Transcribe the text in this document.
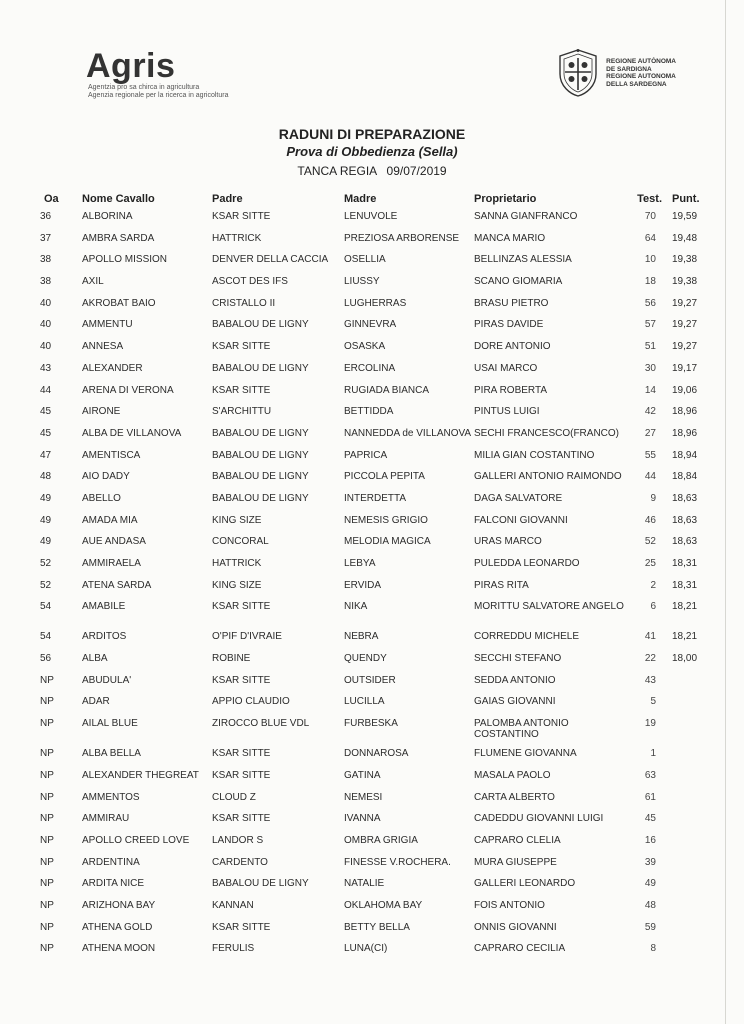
Agris
Agentzia pro sa chirca in agricultura
Agenzia regionale per la ricerca in agricoltura
REGIONE AUTÒNOMA
DE SARDIGNA
REGIONE AUTONOMA
DELLA SARDEGNA
RADUNI DI PREPARAZIONE
Prova di Obbedienza (Sella)
TANCA REGIA 09/07/2019
Oa	Nome Cavallo	Padre	Madre	Proprietario	Test.	Punt.
36	ALBORINA	KSAR SITTE	LENUVOLE	SANNA GIANFRANCO	70	19,59
37	AMBRA SARDA	HATTRICK	PREZIOSA ARBORENSE	MANCA MARIO	64	19,48
38	APOLLO MISSION	DENVER DELLA CACCIA	OSELLIA	BELLINZAS ALESSIA	10	19,38
38	AXIL	ASCOT DES IFS	LIUSSY	SCANO GIOMARIA	18	19,38
40	AKROBAT BAIO	CRISTALLO II	LUGHERRAS	BRASU PIETRO	56	19,27
40	AMMENTU	BABALOU DE LIGNY	GINNEVRA	PIRAS DAVIDE	57	19,27
40	ANNESA	KSAR SITTE	OSASKA	DORE ANTONIO	51	19,27
43	ALEXANDER	BABALOU DE LIGNY	ERCOLINA	USAI MARCO	30	19,17
44	ARENA DI VERONA	KSAR SITTE	RUGIADA BIANCA	PIRA ROBERTA	14	19,06
45	AIRONE	S'ARCHITTU	BETTIDDA	PINTUS LUIGI	42	18,96
45	ALBA DE VILLANOVA	BABALOU DE LIGNY	NANNEDDA de VILLANOVA	SECHI FRANCESCO(FRANCO)	27	18,96
47	AMENTISCA	BABALOU DE LIGNY	PAPRICA	MILIA GIAN COSTANTINO	55	18,94
48	AIO DADY	BABALOU DE LIGNY	PICCOLA PEPITA	GALLERI ANTONIO RAIMONDO	44	18,84
49	ABELLO	BABALOU DE LIGNY	INTERDETTA	DAGA SALVATORE	9	18,63
49	AMADA MIA	KING SIZE	NEMESIS GRIGIO	FALCONI GIOVANNI	46	18,63
49	AUE ANDASA	CONCORAL	MELODIA MAGICA	URAS MARCO	52	18,63
52	AMMIRAELA	HATTRICK	LEBYA	PULEDDA LEONARDO	25	18,31
52	ATENA SARDA	KING SIZE	ERVIDA	PIRAS RITA	2	18,31
54	AMABILE	KSAR SITTE	NIKA	MORITTU SALVATORE ANGELO	6	18,21
54	ARDITOS	O'PIF D'IVRAIE	NEBRA	CORREDDU MICHELE	41	18,21
56	ALBA	ROBINE	QUENDY	SECCHI STEFANO	22	18,00
NP	ABUDULA'	KSAR SITTE	OUTSIDER	SEDDA ANTONIO	43	
NP	ADAR	APPIO CLAUDIO	LUCILLA	GAIAS GIOVANNI	5	
NP	AILAL BLUE	ZIROCCO BLUE VDL	FURBESKA	PALOMBA ANTONIO COSTANTINO	19	
NP	ALBA BELLA	KSAR SITTE	DONNAROSA	FLUMENE GIOVANNA	1	
NP	ALEXANDER THEGREAT	KSAR SITTE	GATINA	MASALA PAOLO	63	
NP	AMMENTOS	CLOUD Z	NEMESI	CARTA ALBERTO	61	
NP	AMMIRAU	KSAR SITTE	IVANNA	CADEDDU GIOVANNI LUIGI	45	
NP	APOLLO CREED LOVE	LANDOR S	OMBRA GRIGIA	CAPRARO CLELIA	16	
NP	ARDENTINA	CARDENTO	FINESSE V.ROCHERA.	MURA GIUSEPPE	39	
NP	ARDITA NICE	BABALOU DE LIGNY	NATALIE	GALLERI LEONARDO	49	
NP	ARIZHONA BAY	KANNAN	OKLAHOMA BAY	FOIS ANTONIO	48	
NP	ATHENA GOLD	KSAR SITTE	BETTY BELLA	ONNIS GIOVANNI	59	
NP	ATHENA MOON	FERULIS	LUNA(CI)	CAPRARO CECILIA	8	
